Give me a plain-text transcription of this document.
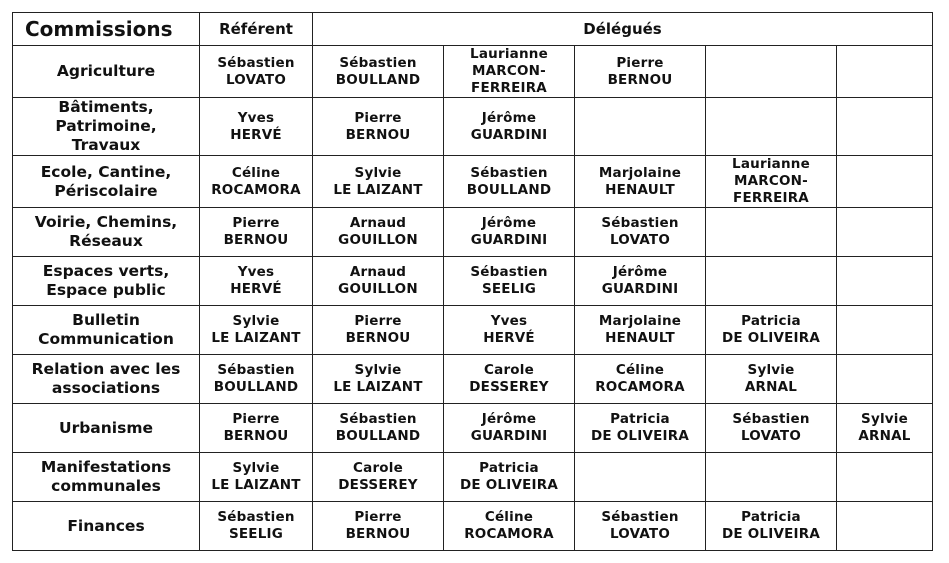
Commissions	Référent	Délégués				
Agriculture	Sébastien
LOVATO	Sébastien
BOULLAND	Laurianne
MARCON-
FERREIRA	Pierre
BERNOU		

Bâtiments,
Patrimoine,
Travaux	Yves
HERVÉ	Pierre
BERNOU	Jérôme
GUARDINI			

Ecole, Cantine,
Périscolaire	Céline
ROCAMORA	Sylvie
LE LAIZANT	Sébastien
BOULLAND	Marjolaine
HENAULT	Laurianne
MARCON-
FERREIRA	

Voirie, Chemins,
Réseaux	Pierre
BERNOU	Arnaud
GOUILLON	Jérôme
GUARDINI	Sébastien
LOVATO		

Espaces verts,
Espace public	Yves
HERVÉ	Arnaud
GOUILLON	Sébastien
SEELIG	Jérôme
GUARDINI		

Bulletin
Communication	Sylvie
LE LAIZANT	Pierre
BERNOU	Yves
HERVÉ	Marjolaine
HENAULT	Patricia
DE OLIVEIRA	

Relation avec les
associations	Sébastien
BOULLAND	Sylvie
LE LAIZANT	Carole
DESSEREY	Céline
ROCAMORA	Sylvie
ARNAL	

Urbanisme	Pierre
BERNOU	Sébastien
BOULLAND	Jérôme
GUARDINI	Patricia
DE OLIVEIRA	Sébastien
LOVATO	Sylvie
ARNAL

Manifestations
communales	Sylvie
LE LAIZANT	Carole
DESSEREY	Patricia
DE OLIVEIRA			

Finances	Sébastien
SEELIG	Pierre
BERNOU	Céline
ROCAMORA	Sébastien
LOVATO	Patricia
DE OLIVEIRA	
